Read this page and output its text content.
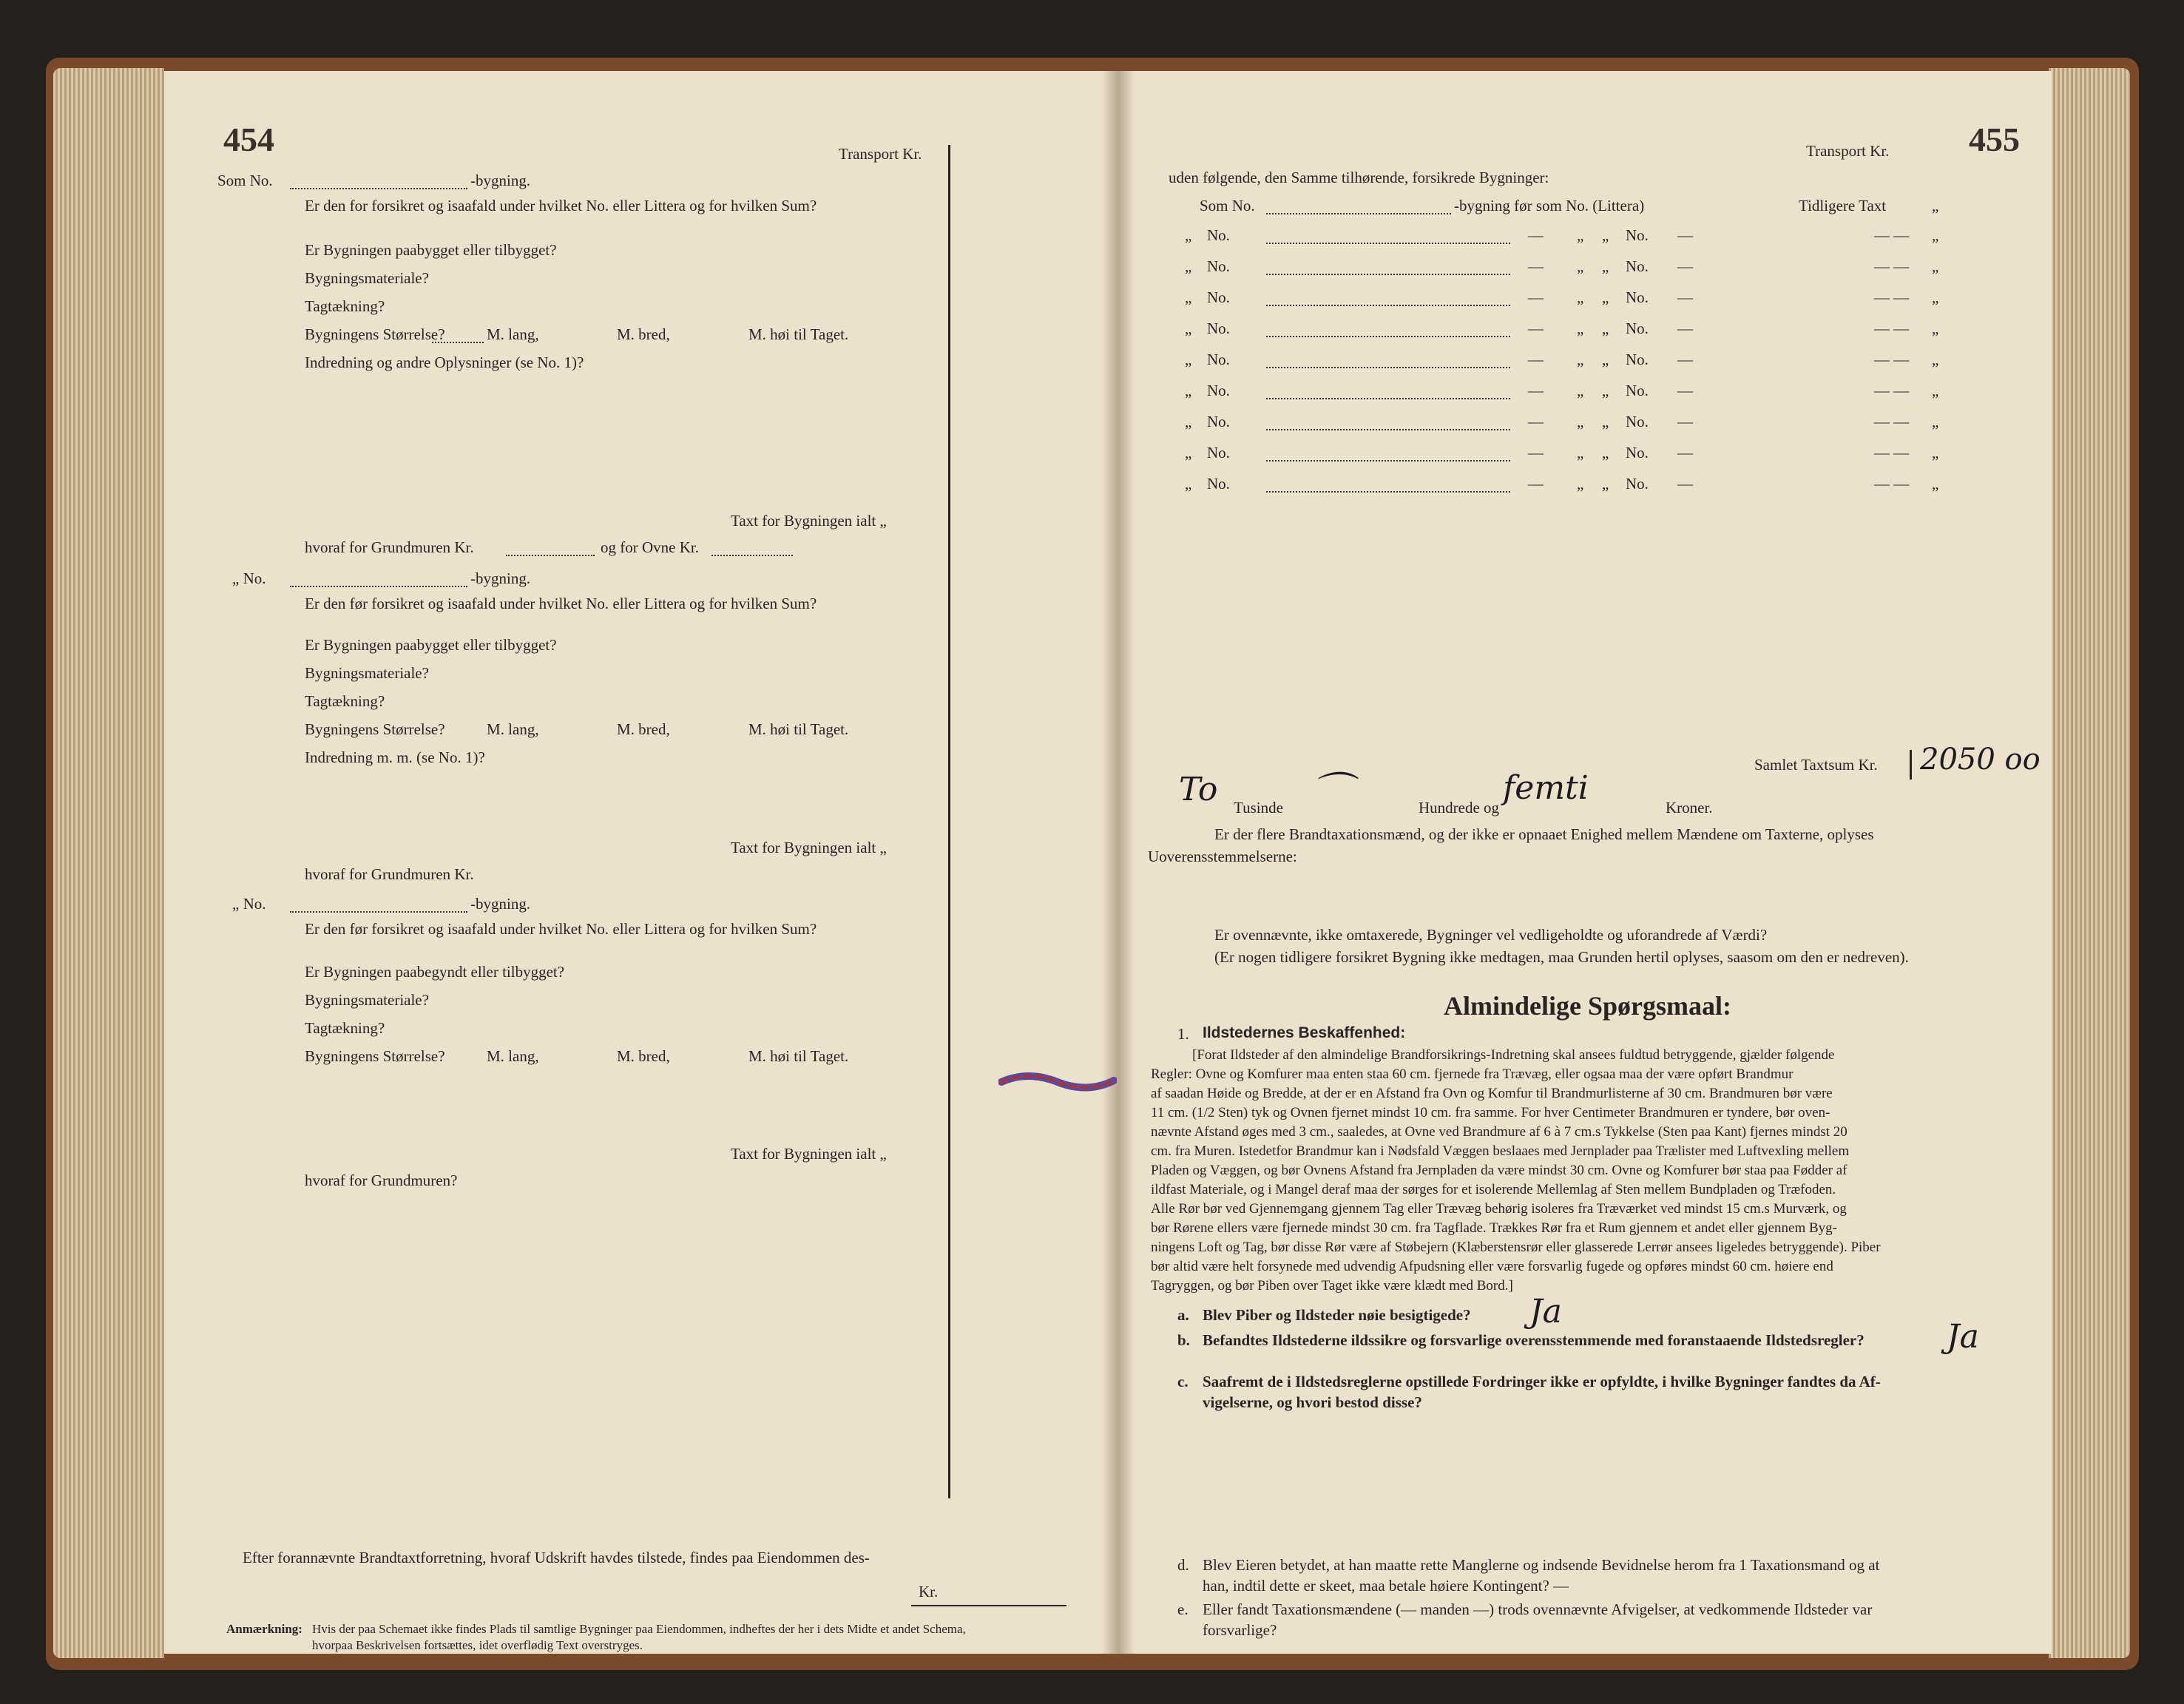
454	Transport Kr.
Som No.	-bygning.
Er den for forsikret og isaafald under hvilket No. eller Littera og for hvilken Sum?
Er Bygningen paabygget eller tilbygget?
Bygningsmateriale?
Tagtækning?
Bygningens Størrelse?	M. lang,	M. bred,	M. høi til Taget.
Indredning og andre Oplysninger (se No. 1)?
Taxt for Bygningen ialt „
hvoraf for Grundmuren Kr.	og for Ovne Kr.
„ No.	-bygning.
Er den før forsikret og isaafald under hvilket No. eller Littera og for hvilken Sum?
Er Bygningen paabygget eller tilbygget?
Bygningsmateriale?
Tagtækning?
Bygningens Størrelse?	M. lang,	M. bred,	M. høi til Taget.
Indredning m. m. (se No. 1)?
Taxt for Bygningen ialt „
hvoraf for Grundmuren Kr.
„ No.	-bygning.
Er den før forsikret og isaafald under hvilket No. eller Littera og for hvilken Sum?
Er Bygningen paabegyndt eller tilbygget?
Bygningsmateriale?
Tagtækning?
Bygningens Størrelse?	M. lang,	M. bred,	M. høi til Taget.
Taxt for Bygningen ialt „
hvoraf for Grundmuren?
Efter forannævnte Brandtaxtforretning, hvoraf Udskrift havdes tilstede, findes paa Eiendommen des-
Kr.
Anmærkning: Hvis der paa Schemaet ikke findes Plads til samtlige Bygninger paa Eiendommen, indheftes der her i dets Midte et andet Schema,
hvorpaa Beskrivelsen fortsættes, idet overflødig Text overstryges.
455
Transport Kr.
uden følgende, den Samme tilhørende, forsikrede Bygninger:
Som No.	-bygning før som No. (Littera)	Tidligere Taxt	„
„ No.	— „ „ No. —	— — „
„ No.	— „ „ No. —	— — „
„ No.	— „ „ No. —	— — „
„ No.	— „ „ No. —	— — „
„ No.	— „ „ No. —	— — „
„ No.	— „ „ No. —	— — „
„ No.	— „ „ No. —	— — „
„ No.	— „ „ No. —	— — „
„ No.	— „ „ No. —	— — „
Samlet Taxtsum Kr. 2050 oo
To ⌒	femti
Tusinde	Hundrede og	Kroner.
Er der flere Brandtaxationsmænd, og der ikke er opnaaet Enighed mellem Mændene om Taxterne, oplyses
Uoverensstemmelserne:
Er ovennævnte, ikke omtaxerede, Bygninger vel vedligeholdte og uforandrede af Værdi?
(Er nogen tidligere forsikret Bygning ikke medtagen, maa Grunden hertil oplyses, saasom om den er nedreven).
Almindelige Spørgsmaal:
1. Ildstedernes Beskaffenhed:

[Forat Ildsteder af den almindelige Brandforsikrings-Indretning skal ansees fuldtud betryggende, gjælder følgende

Regler: Ovne og Komfurer maa enten staa 60 cm. fjernede fra Trævæg, eller ogsaa maa der være opført Brandmur

af saadan Høide og Bredde, at der er en Afstand fra Ovn og Komfur til Brandmurlisterne af 30 cm. Brandmuren bør være

11 cm. (1/2 Sten) tyk og Ovnen fjernet mindst 10 cm. fra samme. For hver Centimeter Brandmuren er tyndere, bør oven-

nævnte Afstand øges med 3 cm., saaledes, at Ovne ved Brandmure af 6 à 7 cm.s Tykkelse (Sten paa Kant) fjernes mindst 20

cm. fra Muren. Istedetfor Brandmur kan i Nødsfald Væggen beslaaes med Jernplader paa Trælister med Luftvexling mellem

Pladen og Væggen, og bør Ovnens Afstand fra Jernpladen da være mindst 30 cm. Ovne og Komfurer bør staa paa Fødder af

ildfast Materiale, og i Mangel deraf maa der sørges for et isolerende Mellemlag af Sten mellem Bundpladen og Træfoden.

Alle Rør bør ved Gjennemgang gjennem Tag eller Trævæg behørig isoleres fra Træværket ved mindst 15 cm.s Murværk, og

bør Rørene ellers være fjernede mindst 30 cm. fra Tagflade. Trækkes Rør fra et Rum gjennem et andet eller gjennem Byg-

ningens Loft og Tag, bør disse Rør være af Støbejern (Klæberstensrør eller glasserede Lerrør ansees ligeledes betryggende). Piber

bør altid være helt forsynede med udvendig Afpudsning eller være forsvarlig fugede og opføres mindst 60 cm. høiere end

Tagryggen, og bør Piben over Taget ikke være klædt med Bord.]

a. Blev Piber og Ildsteder nøie besigtigede? Ja
b. Befandtes Ildstederne ildssikre og forsvarlige overensstemmende med foranstaaende Ildstedsregler?	Ja
c. Saafremt de i Ildstedsreglerne opstillede Fordringer ikke er opfyldte, i hvilke Bygninger fandtes da Af-
vigelserne, og hvori bestod disse?
d. Blev Eieren betydet, at han maatte rette Manglerne og indsende Bevidnelse herom fra 1 Taxationsmand og at
han, indtil dette er skeet, maa betale høiere Kontingent? —
e. Eller fandt Taxationsmændene (— manden —) trods ovennævnte Afvigelser, at vedkommende Ildsteder var
forsvarlige?
